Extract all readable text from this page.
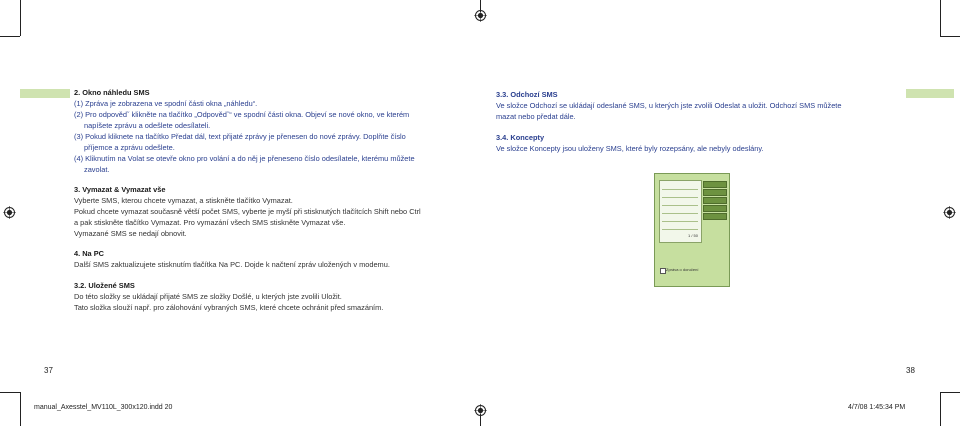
2. Okno náhledu SMS
(1) Zpráva je zobrazena ve spodní části okna „náhledu“.
(2) Pro odpovědˇ klikněte na tlačítko „Odpovědˇ“ ve spodní části okna. Objeví se nové okno, ve kterém
napíšete zprávu a odešlete odesílateli.
(3) Pokud kliknete na tlačítko Předat dál, text přijaté zprávy je přenesen do nové zprávy. Doplňte číslo
příjemce a zprávu odešlete.
(4) Kliknutím na Volat se otevře okno pro volání a do něj je přeneseno číslo odesílatele, kterému můžete
zavolat.
3. Vymazat & Vymazat vše
Vyberte SMS, kterou chcete vymazat, a stiskněte tlačítko Vymazat.
Pokud chcete vymazat současně větší počet SMS, vyberte je myší při stisknutých tlačítcích Shift nebo Ctrl
a pak stiskněte tlačítko Vymazat. Pro vymazání všech SMS stiskněte Vymazat vše.
Vymazané SMS se nedají obnovit.
4. Na PC
Další SMS zaktualizujete stisknutím tlačítka Na PC. Dojde k načtení zpráv uložených v modemu.
3.2. Uložené SMS
Do této složky se ukládají přijaté SMS ze složky Došlé, u kterých jste zvolili Uložit.
Tato složka slouží např. pro zálohování vybraných SMS, které chcete ochránit před smazáním.
37
3.3. Odchozí SMS
Ve složce Odchozí se ukládají odeslané SMS, u kterých jste zvolili Odeslat a uložit. Odchozí SMS můžete
mazat nebo předat dále.
3.4. Koncepty
Ve složce Koncepty jsou uloženy SMS, které byly rozepsány, ale nebyly odeslány.
1 / 50
Zpráva o doručení
38
manual_Axesstel_MV110L_300x120.indd 20	4/7/08 1:45:34 PM
